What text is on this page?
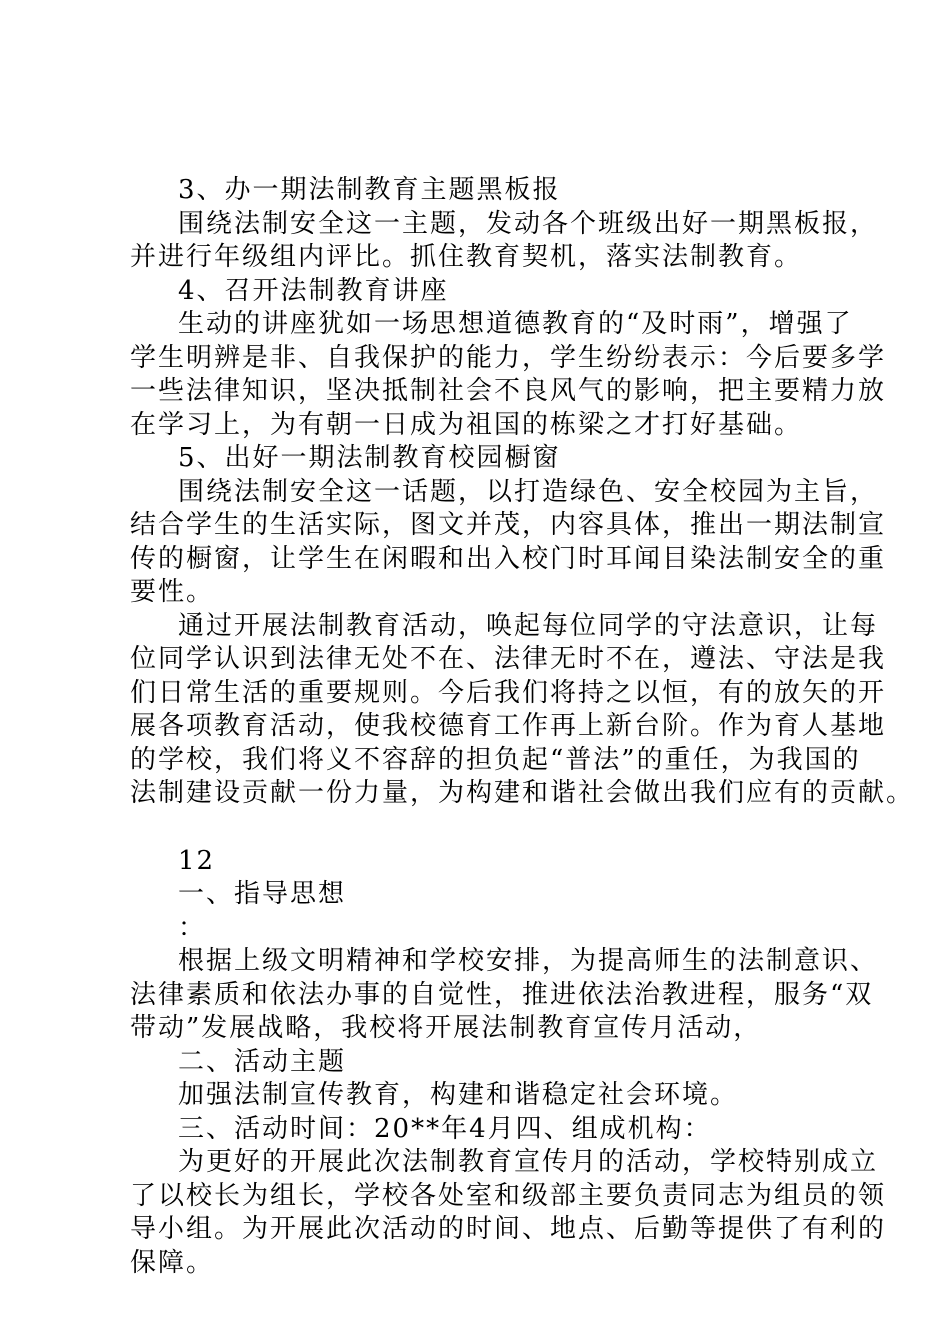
3、办一期法制教育主题黑板报
围绕法制安全这一主题，发动各个班级出好一期黑板报，
并进行年级组内评比。抓住教育契机，落实法制教育。
4、召开法制教育讲座
生动的讲座犹如一场思想道德教育的“及时雨”，增强了
学生明辨是非、自我保护的能力，学生纷纷表示：今后要多学
一些法律知识，坚决抵制社会不良风气的影响，把主要精力放
在学习上，为有朝一日成为祖国的栋梁之才打好基础。
5、出好一期法制教育校园橱窗
围绕法制安全这一话题，以打造绿色、安全校园为主旨，
结合学生的生活实际，图文并茂，内容具体，推出一期法制宣
传的橱窗，让学生在闲暇和出入校门时耳闻目染法制安全的重
要性。
通过开展法制教育活动，唤起每位同学的守法意识，让每
位同学认识到法律无处不在、法律无时不在，遵法、守法是我
们日常生活的重要规则。今后我们将持之以恒，有的放矢的开
展各项教育活动，使我校德育工作再上新台阶。作为育人基地
的学校，我们将义不容辞的担负起“普法”的重任，为我国的
法制建设贡献一份力量，为构建和谐社会做出我们应有的贡献。
12
一、指导思想
：
根据上级文明精神和学校安排，为提高师生的法制意识、
法律素质和依法办事的自觉性，推进依法治教进程，服务“双
带动”发展战略，我校将开展法制教育宣传月活动，
二、活动主题
加强法制宣传教育，构建和谐稳定社会环境。
三、活动时间：20**年4月四、组成机构：
为更好的开展此次法制教育宣传月的活动，学校特别成立
了以校长为组长，学校各处室和级部主要负责同志为组员的领
导小组。为开展此次活动的时间、地点、后勤等提供了有利的
保障。
